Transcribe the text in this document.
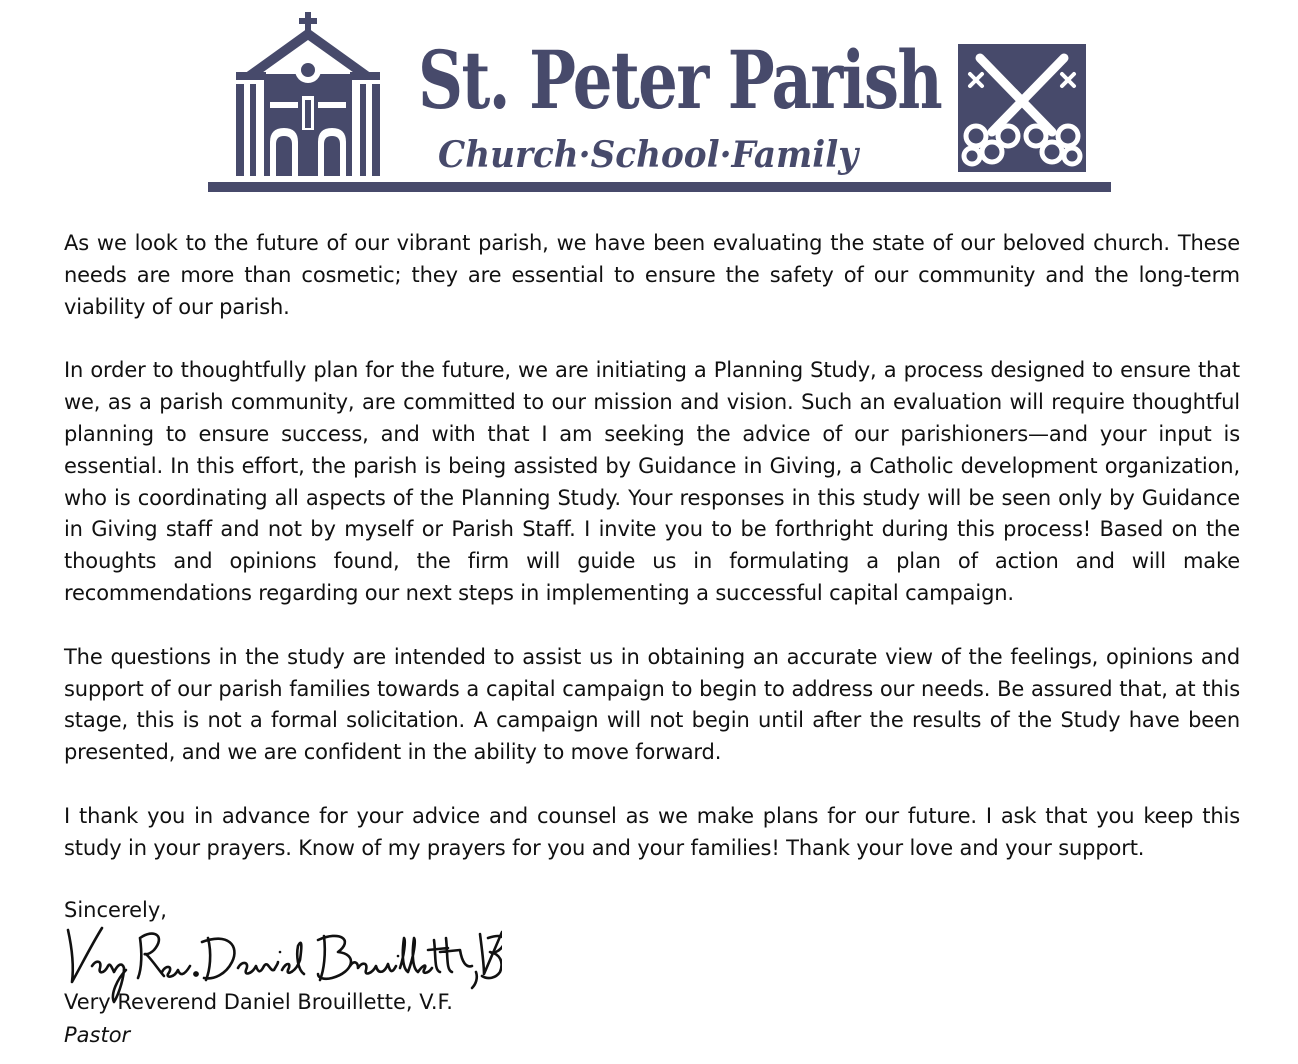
St. Peter Parish

Church·School·Family

As we look to the future of our vibrant parish, we have been evaluating the state of our beloved church. These needs are more than cosmetic; they are essential to ensure the safety of our community and the long-term viability of our parish.

In order to thoughtfully plan for the future, we are initiating a Planning Study, a process designed to ensure that we, as a parish community, are committed to our mission and vision. Such an evaluation will require thoughtful planning to ensure success, and with that I am seeking the advice of our parishioners—and your input is essential. In this effort, the parish is being assisted by Guidance in Giving, a Catholic development organization, who is coordinating all aspects of the Planning Study. Your responses in this study will be seen only by Guidance in Giving staff and not by myself or Parish Staff. I invite you to be forthright during this process! Based on the thoughts and opinions found, the firm will guide us in formulating a plan of action and will make recommendations regarding our next steps in implementing a successful capital campaign.

The questions in the study are intended to assist us in obtaining an accurate view of the feelings, opinions and support of our parish families towards a capital campaign to begin to address our needs. Be assured that, at this stage, this is not a formal solicitation. A campaign will not begin until after the results of the Study have been presented, and we are confident in the ability to move forward.

I thank you in advance for your advice and counsel as we make plans for our future. I ask that you keep this study in your prayers. Know of my prayers for you and your families! Thank your love and your support.

Sincerely,

Very Reverend Daniel Brouillette, V.F.

Pastor
